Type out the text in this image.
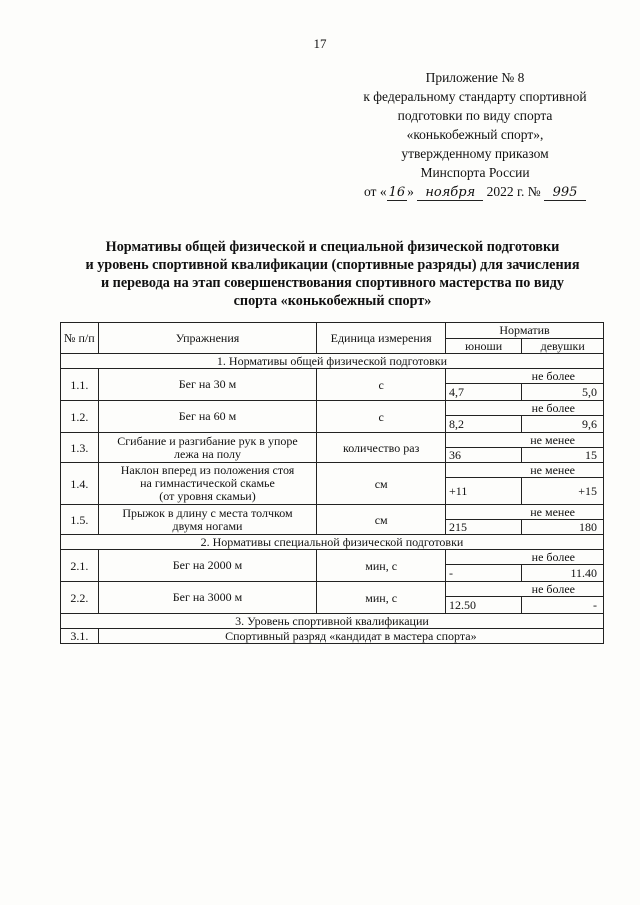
17
Приложение № 8
к федеральному стандарту спортивной
подготовки по виду спорта
«конькобежный спорт»,
утвержденному приказом
Минспорта России
от « 16 » ноября 2022 г. № 995
Нормативы общей физической и специальной физической подготовки
и уровень спортивной квалификации (спортивные разряды) для зачисления
и перевода на этап совершенствования спортивного мастерства по виду
спорта «конькобежный спорт»
№ п/п	Упражнения	Единица измерения	Норматив	
			юноши	девушки
1. Нормативы общей физической подготовки				
1.1.	Бег на 30 м	с	не более	
			4,7	5,0
1.2.	Бег на 60 м	с	не более	
			8,2	9,6
1.3.	Сгибание и разгибание рук в упоре
лежа на полу	количество раз	не менее	
			36	15
1.4.	Наклон вперед из положения стоя
на гимнастической скамье
(от уровня скамьи)	см	не менее	
			+11	+15
1.5.	Прыжок в длину с места толчком
двумя ногами	см	не менее	
			215	180
2. Нормативы специальной физической подготовки				
2.1.	Бег на 2000 м	мин, с	не более	
			-	11.40
2.2.	Бег на 3000 м	мин, с	не более	
			12.50	-
3. Уровень спортивной квалификации				
3.1.	Спортивный разряд «кандидат в мастера спорта»			
